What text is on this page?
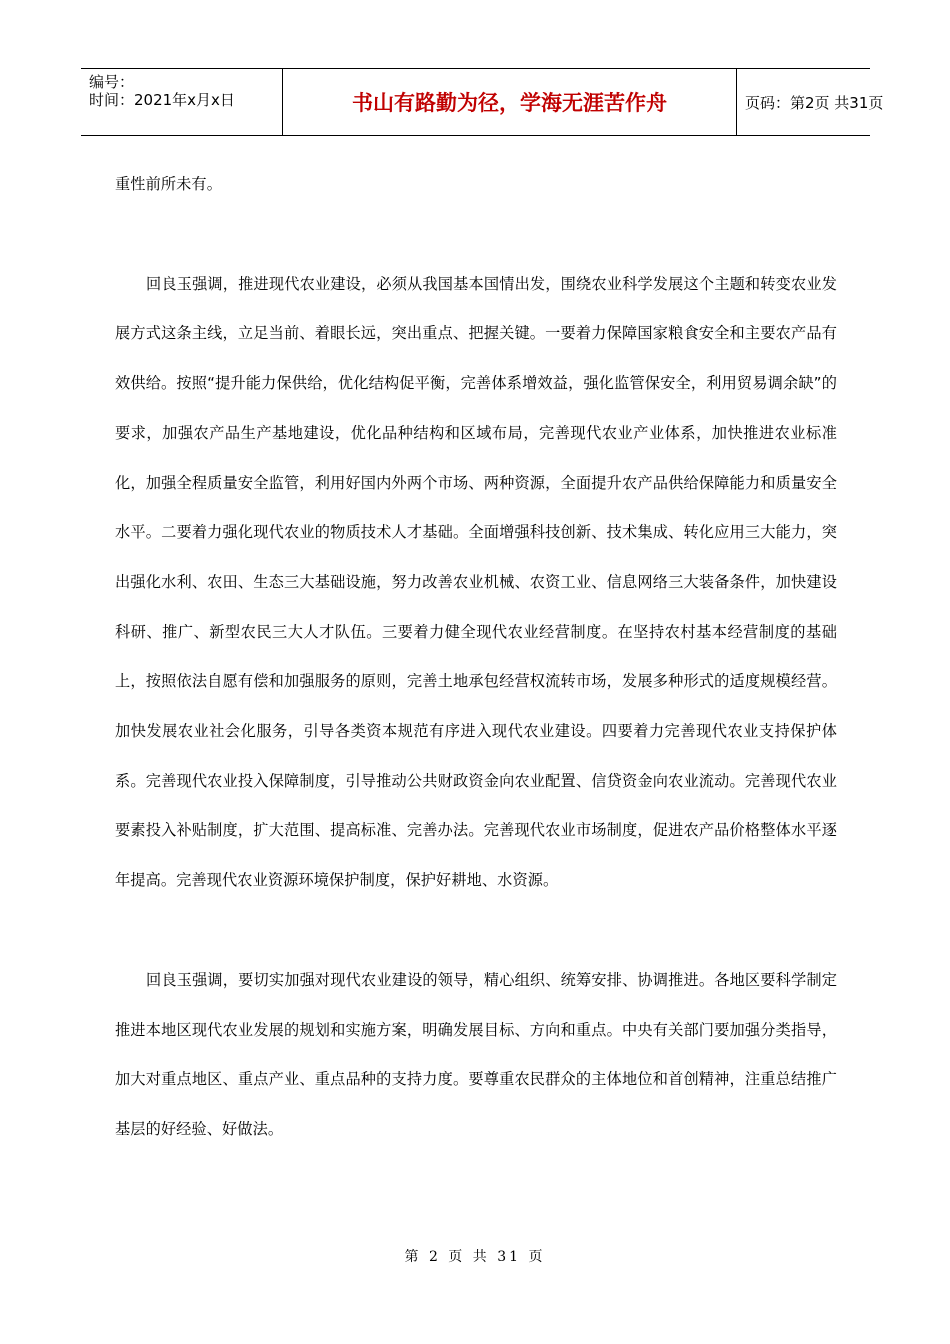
编号：
时间：2021年x月x日	书山有路勤为径，学海无涯苦作舟	页码：第2页 共31页

重性前所未有。

回良玉强调，推进现代农业建设，必须从我国基本国情出发，围绕农业科学发展这个主题和转变农业发展方式这条主线，立足当前、着眼长远，突出重点、把握关键。一要着力保障国家粮食安全和主要农产品有效供给。按照“提升能力保供给，优化结构促平衡，完善体系增效益，强化监管保安全，利用贸易调余缺”的要求，加强农产品生产基地建设，优化品种结构和区域布局，完善现代农业产业体系，加快推进农业标准化，加强全程质量安全监管，利用好国内外两个市场、两种资源，全面提升农产品供给保障能力和质量安全水平。二要着力强化现代农业的物质技术人才基础。全面增强科技创新、技术集成、转化应用三大能力，突出强化水利、农田、生态三大基础设施，努力改善农业机械、农资工业、信息网络三大装备条件，加快建设科研、推广、新型农民三大人才队伍。三要着力健全现代农业经营制度。在坚持农村基本经营制度的基础上，按照依法自愿有偿和加强服务的原则，完善土地承包经营权流转市场，发展多种形式的适度规模经营。加快发展农业社会化服务，引导各类资本规范有序进入现代农业建设。四要着力完善现代农业支持保护体系。完善现代农业投入保障制度，引导推动公共财政资金向农业配置、信贷资金向农业流动。完善现代农业要素投入补贴制度，扩大范围、提高标准、完善办法。完善现代农业市场制度，促进农产品价格整体水平逐年提高。完善现代农业资源环境保护制度，保护好耕地、水资源。

回良玉强调，要切实加强对现代农业建设的领导，精心组织、统筹安排、协调推进。各地区要科学制定推进本地区现代农业发展的规划和实施方案，明确发展目标、方向和重点。中央有关部门要加强分类指导，加大对重点地区、重点产业、重点品种的支持力度。要尊重农民群众的主体地位和首创精神，注重总结推广基层的好经验、好做法。

第 2 页 共 31 页
